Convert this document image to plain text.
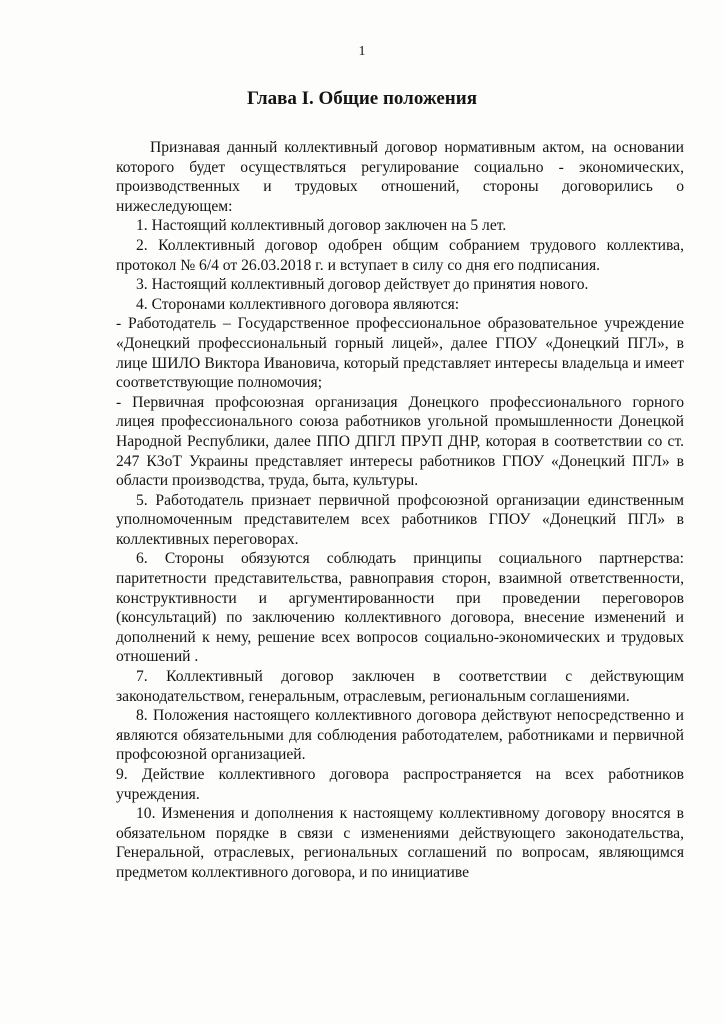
1
Глава I. Общие положения

Признавая данный коллективный договор нормативным актом, на основании которого будет осуществляться регулирование социально - экономических, производственных и трудовых отношений, стороны договорились о нижеследующем:

1. Настоящий коллективный договор заключен на 5 лет.

2. Коллективный договор одобрен общим собранием трудового коллектива, протокол № 6/4 от 26.03.2018 г. и вступает в силу со дня его подписания.

3. Настоящий коллективный договор действует до принятия нового.

4. Сторонами коллективного договора являются:

- Работодатель – Государственное профессиональное образовательное учреждение «Донецкий профессиональный горный лицей», далее ГПОУ «Донецкий ПГЛ», в лице ШИЛО Виктора Ивановича, который представляет интересы владельца и имеет соответствующие полномочия;

- Первичная профсоюзная организация Донецкого профессионального горного лицея профессионального союза работников угольной промышленности Донецкой Народной Республики, далее ППО ДПГЛ ПРУП ДНР, которая в соответствии со ст. 247 КЗоТ Украины представляет интересы работников ГПОУ «Донецкий ПГЛ» в области производства, труда, быта, культуры.

5. Работодатель признает первичной профсоюзной организации единственным уполномоченным представителем всех работников ГПОУ «Донецкий ПГЛ» в коллективных переговорах.

6. Стороны обязуются соблюдать принципы социального партнерства: паритетности представительства, равноправия сторон, взаимной ответственности, конструктивности и аргументированности при проведении переговоров (консультаций) по заключению коллективного договора, внесение изменений и дополнений к нему, решение всех вопросов социально-экономических и трудовых отношений .

7. Коллективный договор заключен в соответствии с действующим законодательством, генеральным, отраслевым, региональным соглашениями.

8. Положения настоящего коллективного договора действуют непосредственно и являются обязательными для соблюдения работодателем, работниками и первичной профсоюзной организацией.

9. Действие коллективного договора распространяется на всех работников учреждения.

10. Изменения и дополнения к настоящему коллективному договору вносятся в обязательном порядке в связи с изменениями действующего законодательства, Генеральной, отраслевых, региональных соглашений по вопросам, являющимся предметом коллективного договора, и по инициативе
